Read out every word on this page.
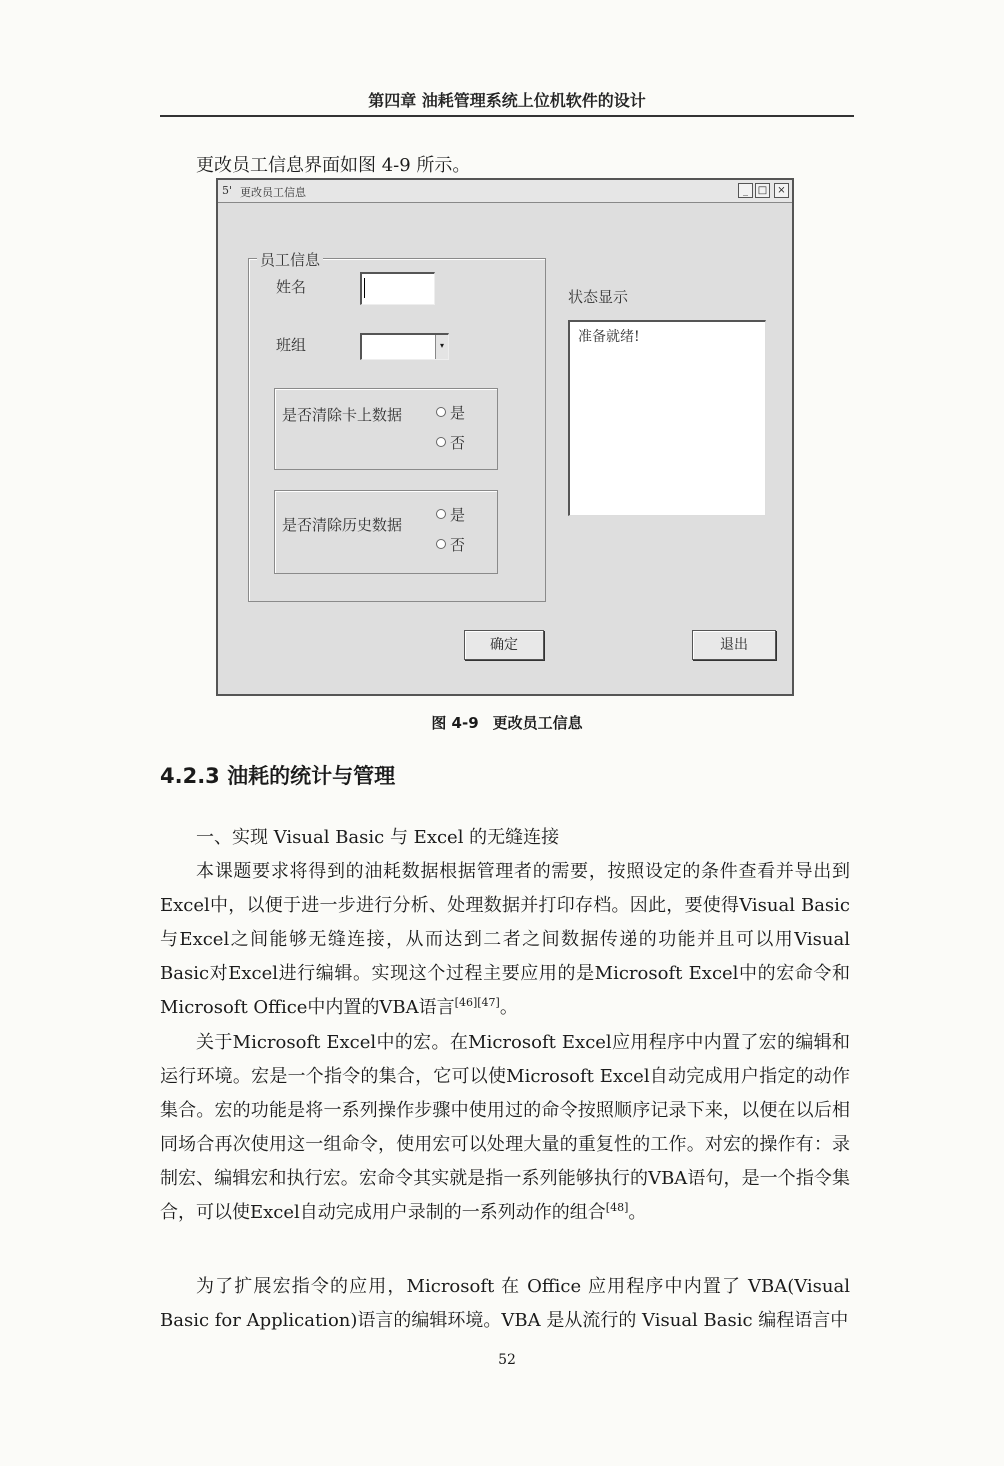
第四章 油耗管理系统上位机软件的设计
更改员工信息界面如图 4-9 所示。
5' 更改员工信息	_ □	×
员工信息
姓名
班组	▾
是否清除卡上数据	是
否
是否清除历史数据
是
否
状态显示
准备就绪!
确定	退出
图 4-9 更改员工信息
4.2.3 油耗的统计与管理
一、实现 Visual Basic 与 Excel 的无缝连接

本课题要求将得到的油耗数据根据管理者的需要，按照设定的条件查看并导出到Excel中，以便于进一步进行分析、处理数据并打印存档。因此，要使得Visual Basic与Excel之间能够无缝连接，从而达到二者之间数据传递的功能并且可以用Visual Basic对Excel进行编辑。实现这个过程主要应用的是Microsoft Excel中的宏命令和Microsoft Office中内置的VBA语言[46][47]。

关于Microsoft Excel中的宏。在Microsoft Excel应用程序中内置了宏的编辑和运行环境。宏是一个指令的集合，它可以使Microsoft Excel自动完成用户指定的动作集合。宏的功能是将一系列操作步骤中使用过的命令按照顺序记录下来，以便在以后相同场合再次使用这一组命令，使用宏可以处理大量的重复性的工作。对宏的操作有：录制宏、编辑宏和执行宏。宏命令其实就是指一系列能够执行的VBA语句，是一个指令集合，可以使Excel自动完成用户录制的一系列动作的组合[48]。

为了扩展宏指令的应用，Microsoft 在 Office 应用程序中内置了 VBA(Visual Basic for Application)语言的编辑环境。VBA 是从流行的 Visual Basic 编程语言中

52
